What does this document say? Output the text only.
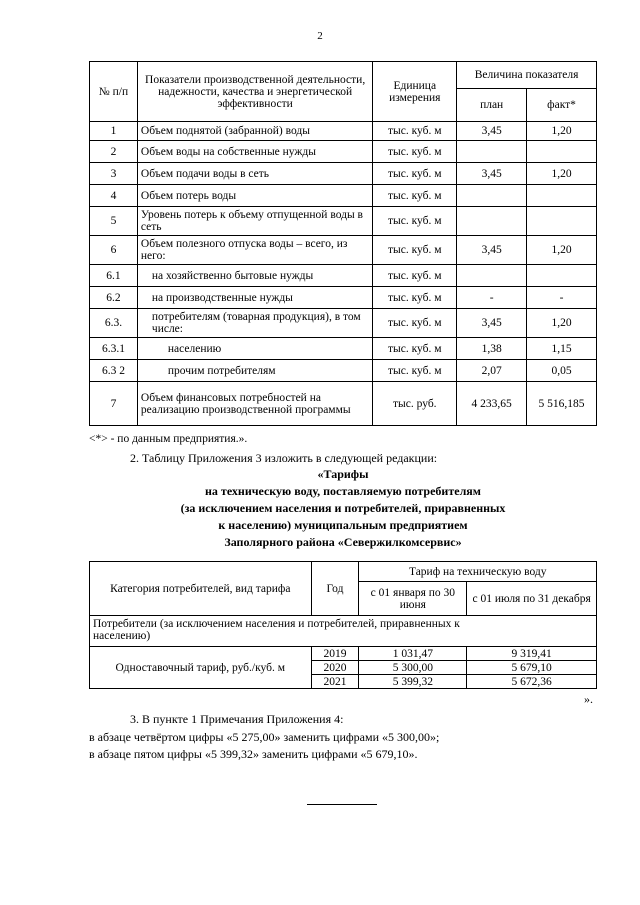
2
№ п/п	Показатели производственной деятельности, надежности, качества и энергетической эффективности	Единица измерения	Величина показателя	
			план	факт*
1	Объем поднятой (забранной) воды	тыс. куб. м	3,45	1,20
2	Объем воды на собственные нужды	тыс. куб. м		
3	Объем подачи воды в сеть	тыс. куб. м	3,45	1,20
4	Объем потерь воды	тыс. куб. м		
5	Уровень потерь к объему отпущенной воды в сеть	тыс. куб. м		
6	Объем полезного отпуска воды – всего, из него:	тыс. куб. м	3,45	1,20
6.1	на хозяйственно бытовые нужды	тыс. куб. м		
6.2	на производственные нужды	тыс. куб. м	-	-
6.3.	потребителям (товарная продукция), в том числе:	тыс. куб. м	3,45	1,20
6.3.1	населению	тыс. куб. м	1,38	1,15
6.3 2	прочим потребителям	тыс. куб. м	2,07	0,05
7	Объем финансовых потребностей на реализацию производственной программы	тыс. руб.	4 233,65	5 516,185
<*> - по данным предприятия.».
2. Таблицу Приложения 3 изложить в следующей редакции:
«Тарифы
на техническую воду, поставляемую потребителям
(за исключением населения и потребителей, приравненных
к населению) муниципальным предприятием
Заполярного района «Севержилкомсервис»
Категория потребителей, вид тарифа	Год	Тариф на техническую воду	
		с 01 января по 30 июня	с 01 июля по 31 декабря
Потребители (за исключением населения и потребителей, приравненных к населению)			
Одноставочный тариф, руб./куб. м	2019	1 031,47	9 319,41
	2020	5 300,00	5 679,10
	2021	5 399,32	5 672,36
».
3. В пункте 1 Примечания Приложения 4:
в абзаце четвёртом цифры «5 275,00» заменить цифрами «5 300,00»;
в абзаце пятом цифры «5 399,32» заменить цифрами «5 679,10».
